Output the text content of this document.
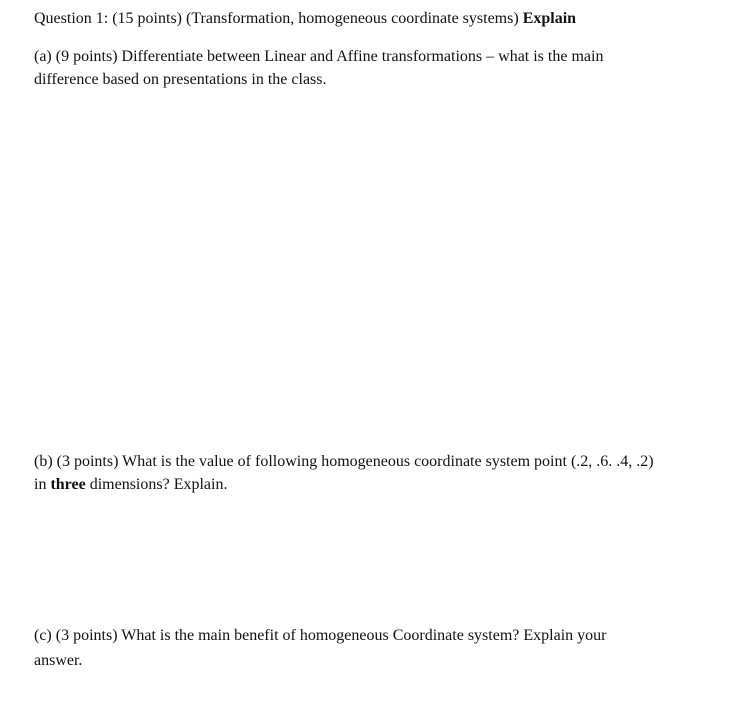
Question 1: (15 points) (Transformation, homogeneous coordinate systems) Explain
(a) (9 points) Differentiate between Linear and Affine transformations – what is the main
difference based on presentations in the class.
(b) (3 points) What is the value of following homogeneous coordinate system point (.2, .6. .4, .2)
in three dimensions? Explain.
(c) (3 points) What is the main benefit of homogeneous Coordinate system? Explain your
answer.
